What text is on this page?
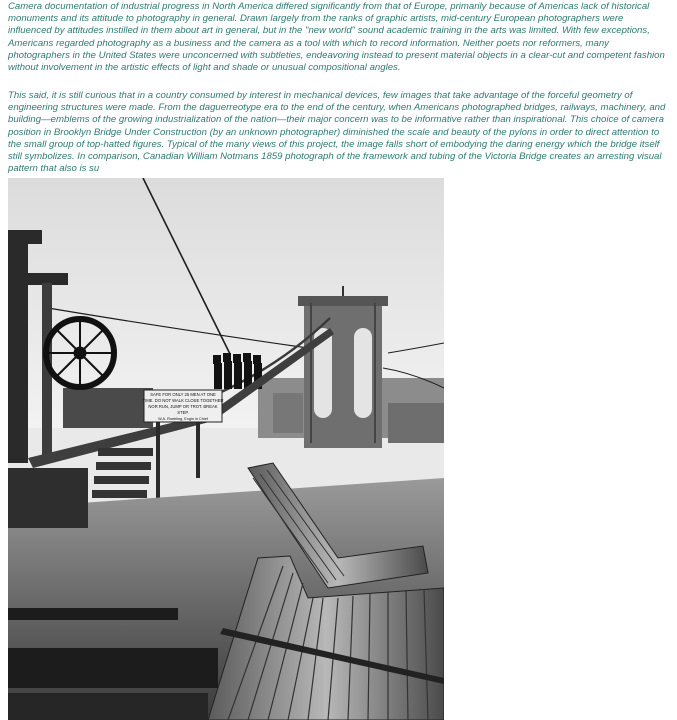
Camera documentation of industrial progress in North America differed significantly from that of Europe, primarily because of Americas lack of historical monuments and its attitude to photography in general. Drawn largely from the ranks of graphic artists, mid-century European photographers were influenced by attitudes instilled in them about art in general, but in the "new world" sound academic training in the arts was limited. With few exceptions, Americans regarded photography as a business and the camera as a tool with which to record information. Neither poets nor reformers, many photographers in the United States were unconcerned with subtleties, endeavoring instead to present material objects in a clear-cut and competent fashion without involvement in the artistic effects of light and shade or unusual compositional angles.
This said, it is still curious that in a country consumed by interest in mechanical devices, few images that take advantage of the forceful geometry of engineering structures were made. From the daguerreotype era to the end of the century, when Americans photographed bridges, railways, machinery, and building—emblems of the growing industrialization of the nation—their major concern was to be informative rather than inspirational. This choice of camera position in Brooklyn Bridge Under Construction (by an unknown photographer) diminished the scale and beauty of the pylons in order to direct attention to the small group of top-hatted figures. Typical of the many views of this project, the image falls short of embodying the daring energy which the bridge itself still symbolizes. In comparison, Canadian William Notmans 1859 photograph of the framework and tubing of the Victoria Bridge creates an arresting visual pattern that also is su
SAFE FOR ONLY 25 MEN AT ONE
TIME. DO NOT WALK CLOSE TOGETHER
NOR RUN, JUMP OR TROT. BREAK
STEP.
W.A. Roebling, Engin in Chief
